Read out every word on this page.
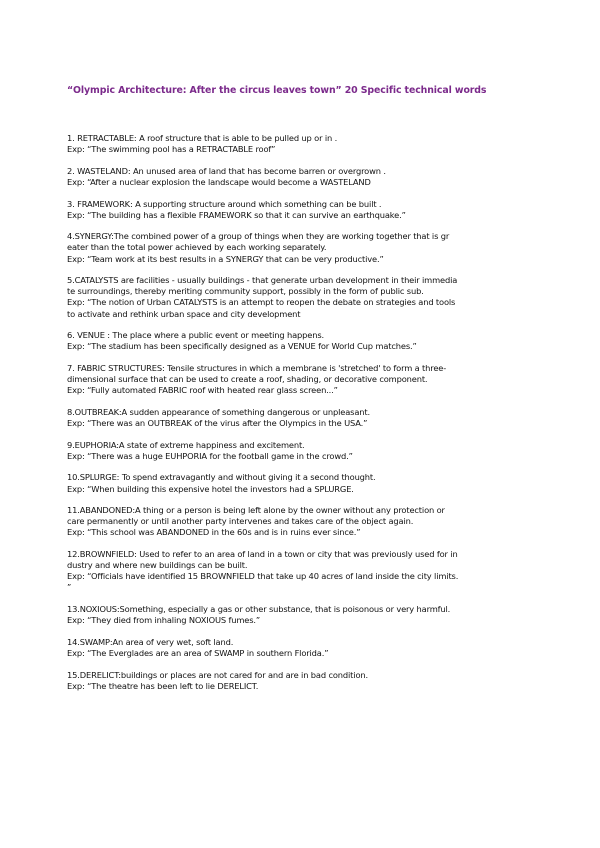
“Olympic Architecture: After the circus leaves town” 20 Specific technical words
1. RETRACTABLE: A roof structure that is able to be pulled up or in .
Exp: “The swimming pool has a RETRACTABLE roof”
2. WASTELAND: An unused area of land that has become barren or overgrown .
Exp: “After a nuclear explosion the landscape would become a WASTELAND
3. FRAMEWORK: A supporting structure around which something can be built .
Exp: “The building has a flexible FRAMEWORK so that it can survive an earthquake.”
4.SYNERGY:The combined power of a group of things when they are working together that is gr
eater than the total power achieved by each working separately.
Exp: “Team work at its best results in a SYNERGY that can be very productive.”
5.CATALYSTS are facilities - usually buildings - that generate urban development in their immedia
te surroundings, thereby meriting community support, possibly in the form of public sub.
Exp: “The notion of Urban CATALYSTS is an attempt to reopen the debate on strategies and tools
to activate and rethink urban space and city development
6. VENUE : The place where a public event or meeting happens.
Exp: “The stadium has been specifically designed as a VENUE for World Cup matches.”
7. FABRIC STRUCTURES: Tensile structures in which a membrane is 'stretched' to form a three-
dimensional surface that can be used to create a roof, shading, or decorative component.
Exp: “Fully automated FABRIC roof with heated rear glass screen...”
8.OUTBREAK:A sudden appearance of something dangerous or unpleasant.
Exp: “There was an OUTBREAK of the virus after the Olympics in the USA.”
9.EUPHORIA:A state of extreme happiness and excitement.
Exp: “There was a huge EUHPORIA for the football game in the crowd.”
10.SPLURGE: To spend extravagantly and without giving it a second thought.
Exp: “When building this expensive hotel the investors had a SPLURGE.
11.ABANDONED:A thing or a person is being left alone by the owner without any protection or
care permanently or until another party intervenes and takes care of the object again.
Exp: “This school was ABANDONED in the 60s and is in ruins ever since.”
12.BROWNFIELD: Used to refer to an area of land in a town or city that was previously used for in
dustry and where new buildings can be built.
Exp: “Officials have identified 15 BROWNFIELD that take up 40 acres of land inside the city limits.
”
13.NOXIOUS:Something, especially a gas or other substance, that is poisonous or very harmful.
Exp: “They died from inhaling NOXIOUS fumes.”
14.SWAMP:An area of very wet, soft land.
Exp: “The Everglades are an area of SWAMP in southern Florida.”
15.DERELICT:buildings or places are not cared for and are in bad condition.
Exp: “The theatre has been left to lie DERELICT.
